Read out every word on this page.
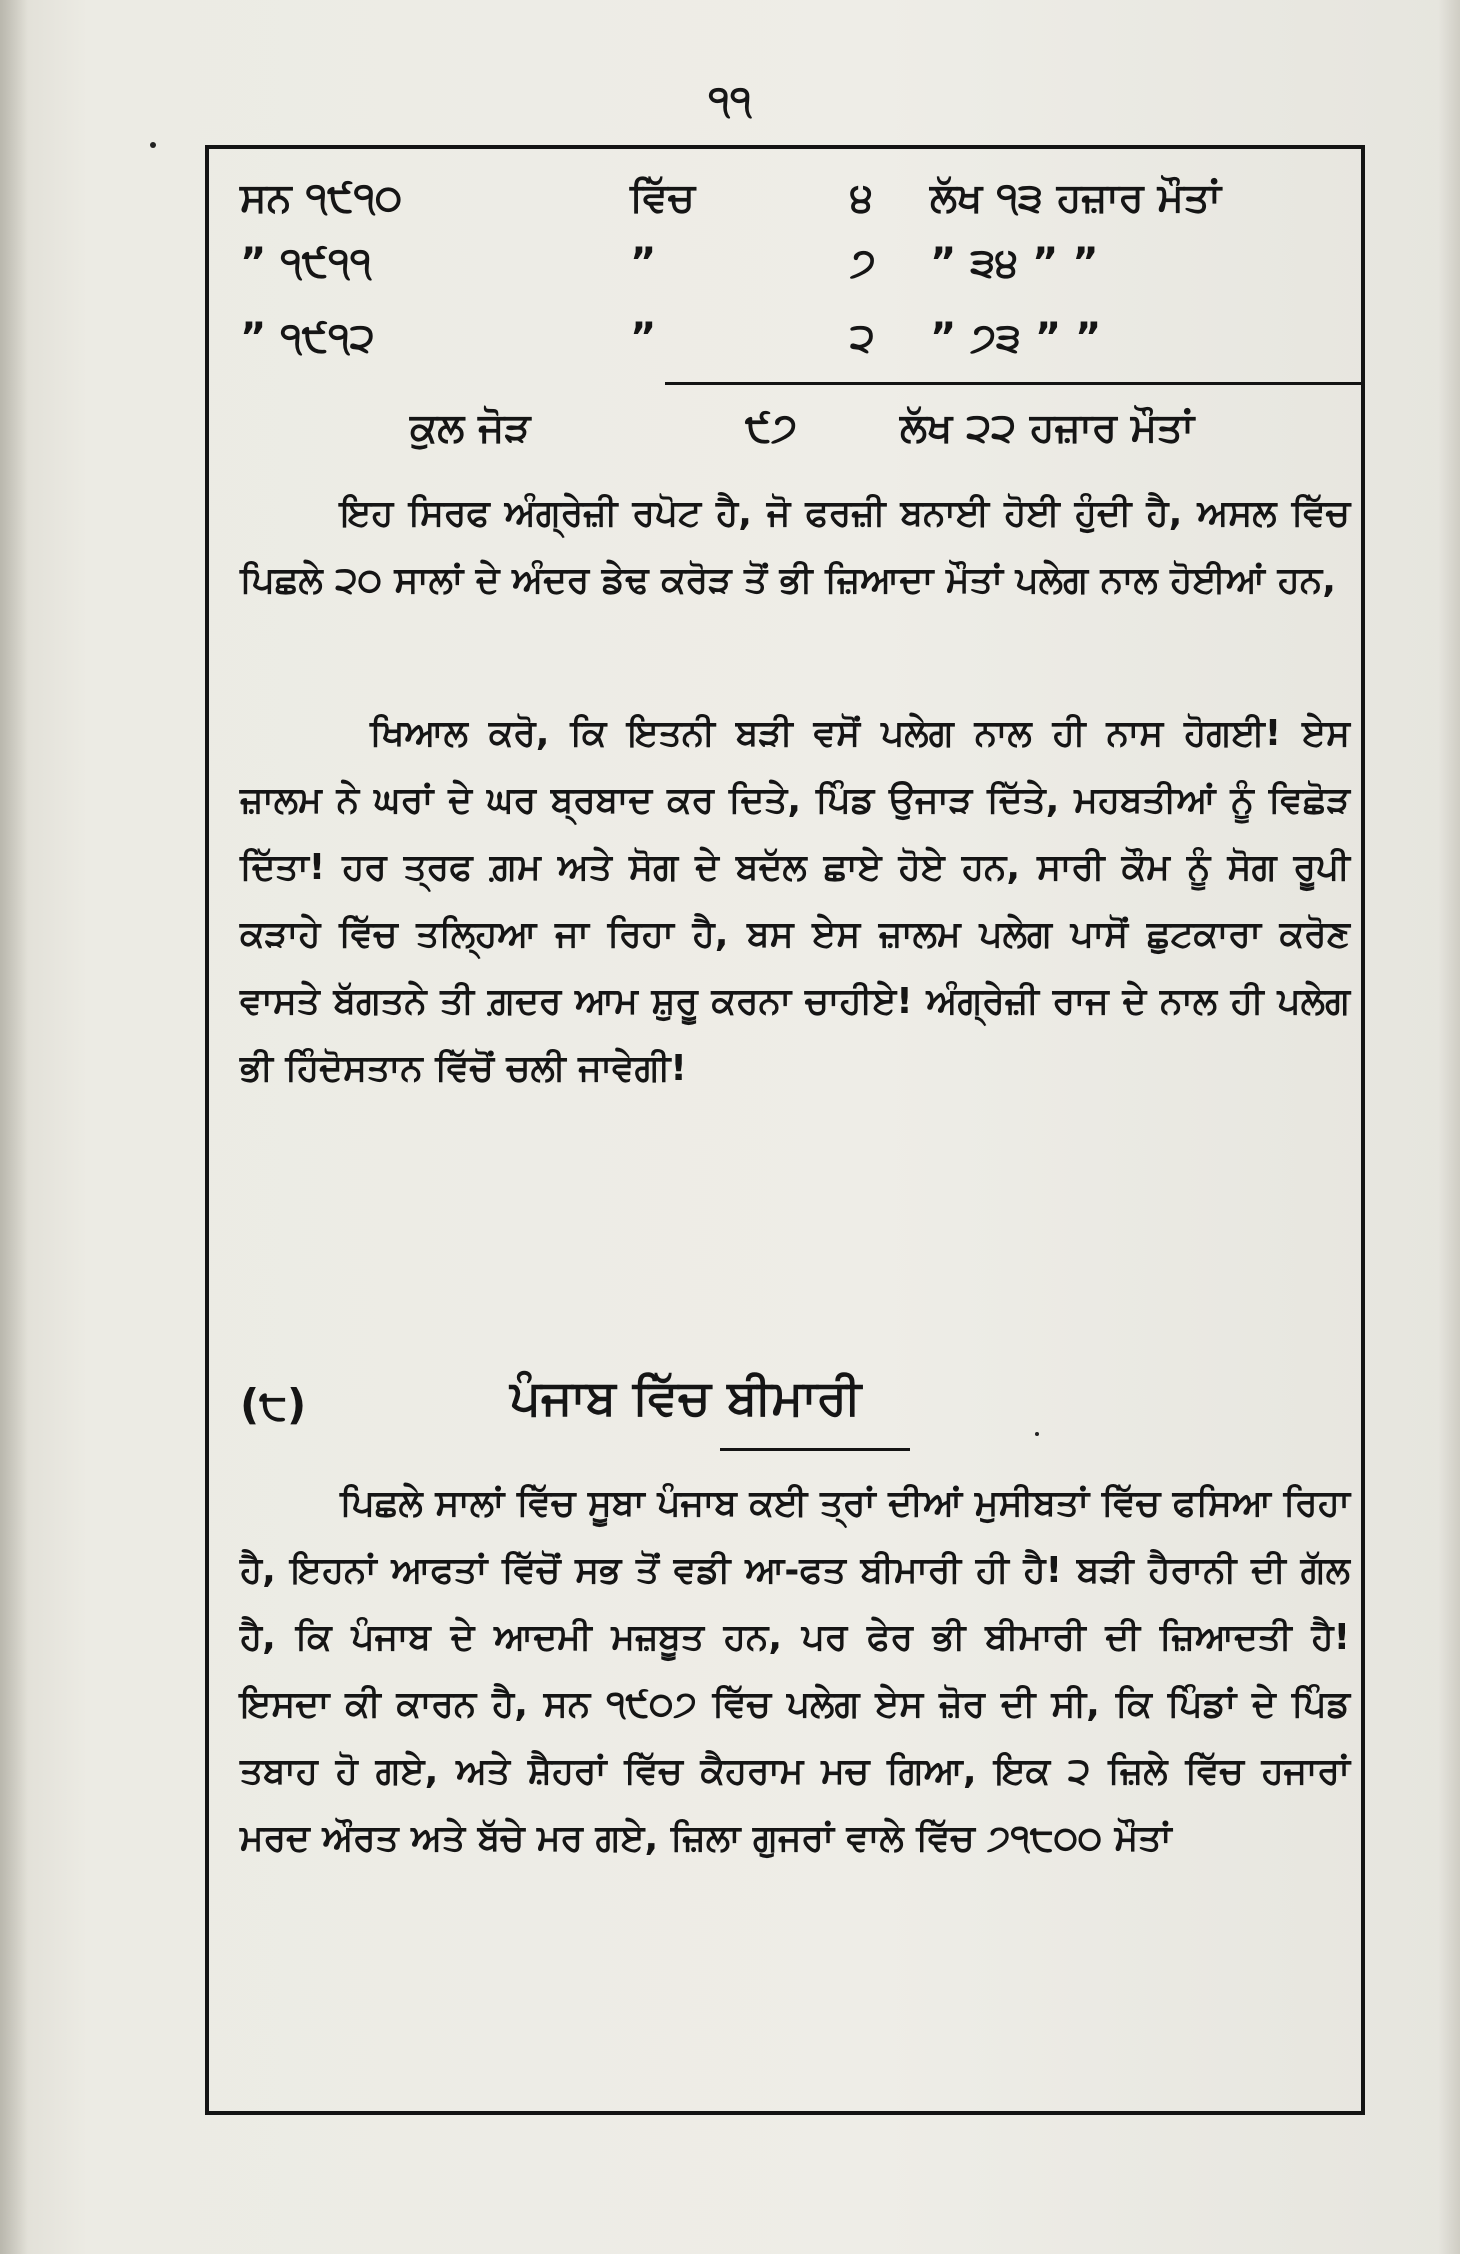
੧੧
ਸਨ ੧੯੧੦	ਵਿੱਚ	੪ ਲੱਖ ੧੩ ਹਜ਼ਾਰ ਮੌਤਾਂ
” ੧੯੧੧	”	੭ ” ੩੪ ” ”
” ੧੯੧੨	”	੨ ” ੭੩ ” ”
ਕੁਲ ਜੋੜ	੯੭	ਲੱਖ ੨੨ ਹਜ਼ਾਰ ਮੌਤਾਂ
ਇਹ ਸਿਰਫ ਅੰਗ੍ਰੇਜ਼ੀ ਰਪੋਟ ਹੈ, ਜੋ ਫਰਜ਼ੀ ਬਨਾਈ ਹੋਈ ਹੁੰਦੀ ਹੈ, ਅਸਲ ਵਿੱਚ ਪਿਛਲੇ ੨੦ ਸਾਲਾਂ ਦੇ ਅੰਦਰ ਡੇਢ ਕਰੋੜ ਤੋਂ ਭੀ ਜ਼ਿਆਦਾ ਮੌਤਾਂ ਪਲੇਗ ਨਾਲ ਹੋਈਆਂ ਹਨ,
ਖਿਆਲ ਕਰੋ, ਕਿ ਇਤਨੀ ਬੜੀ ਵਸੋਂ ਪਲੇਗ ਨਾਲ ਹੀ ਨਾਸ ਹੋਗਈ! ਏਸ ਜ਼ਾਲਮ ਨੇ ਘਰਾਂ ਦੇ ਘਰ ਬ੍ਰਬਾਦ ਕਰ ਦਿਤੇ, ਪਿੰਡ ਉਜਾੜ ਦਿੱਤੇ, ਮਹਬਤੀਆਂ ਨੂੰ ਵਿਛੋੜ ਦਿੱਤਾ! ਹਰ ਤ੍ਰਫ ਗ਼ਮ ਅਤੇ ਸੋਗ ਦੇ ਬਦੱਲ ਛਾਏ ਹੋਏ ਹਨ, ਸਾਰੀ ਕੌਮ ਨੂੰ ਸੋਗ ਰੂਪੀ ਕੜਾਹੇ ਵਿੱਚ ਤਲ੍ਹਿਆ ਜਾ ਰਿਹਾ ਹੈ, ਬਸ ਏਸ ਜ਼ਾਲਮ ਪਲੇਗ ਪਾਸੋਂ ਛੁਟਕਾਰਾ ਕਰੋਣ ਵਾਸਤੇ ਬੱਗਤਨੇ ਤੀ ਗ਼ਦਰ ਆਮ ਸ਼ੁਰੂ ਕਰਨਾ ਚਾਹੀਏ! ਅੰਗ੍ਰੇਜ਼ੀ ਰਾਜ ਦੇ ਨਾਲ ਹੀ ਪਲੇਗ ਭੀ ਹਿੰਦੋਸਤਾਨ ਵਿੱਚੋਂ ਚਲੀ ਜਾਵੇਗੀ!
(੮)	ਪੰਜਾਬ ਵਿੱਚ ਬੀਮਾਰੀ
ਪਿਛਲੇ ਸਾਲਾਂ ਵਿੱਚ ਸੂਬਾ ਪੰਜਾਬ ਕਈ ਤ੍ਰਾਂ ਦੀਆਂ ਮੁਸੀਬਤਾਂ ਵਿੱਚ ਫਸਿਆ ਰਿਹਾ ਹੈ, ਇਹਨਾਂ ਆਫਤਾਂ ਵਿੱਚੋਂ ਸਭ ਤੋਂ ਵਡੀ ਆ-ਫਤ ਬੀਮਾਰੀ ਹੀ ਹੈ! ਬੜੀ ਹੈਰਾਨੀ ਦੀ ਗੱਲ ਹੈ, ਕਿ ਪੰਜਾਬ ਦੇ ਆਦਮੀ ਮਜ਼ਬੂਤ ਹਨ, ਪਰ ਫੇਰ ਭੀ ਬੀਮਾਰੀ ਦੀ ਜ਼ਿਆਦਤੀ ਹੈ! ਇਸਦਾ ਕੀ ਕਾਰਨ ਹੈ, ਸਨ ੧੯੦੭ ਵਿੱਚ ਪਲੇਗ ਏਸ ਜ਼ੋਰ ਦੀ ਸੀ, ਕਿ ਪਿੰਡਾਂ ਦੇ ਪਿੰਡ ਤਬਾਹ ਹੋ ਗਏ, ਅਤੇ ਸ਼ੈਹਰਾਂ ਵਿੱਚ ਕੈਹਰਾਮ ਮਚ ਗਿਆ, ਇਕ ੨ ਜ਼ਿਲੇ ਵਿੱਚ ਹਜਾਰਾਂ ਮਰਦ ਔਰਤ ਅਤੇ ਬੱਚੇ ਮਰ ਗਏ, ਜ਼ਿਲਾ ਗੁਜਰਾਂ ਵਾਲੇ ਵਿੱਚ ੭੧੮੦੦ ਮੌਤਾਂ
